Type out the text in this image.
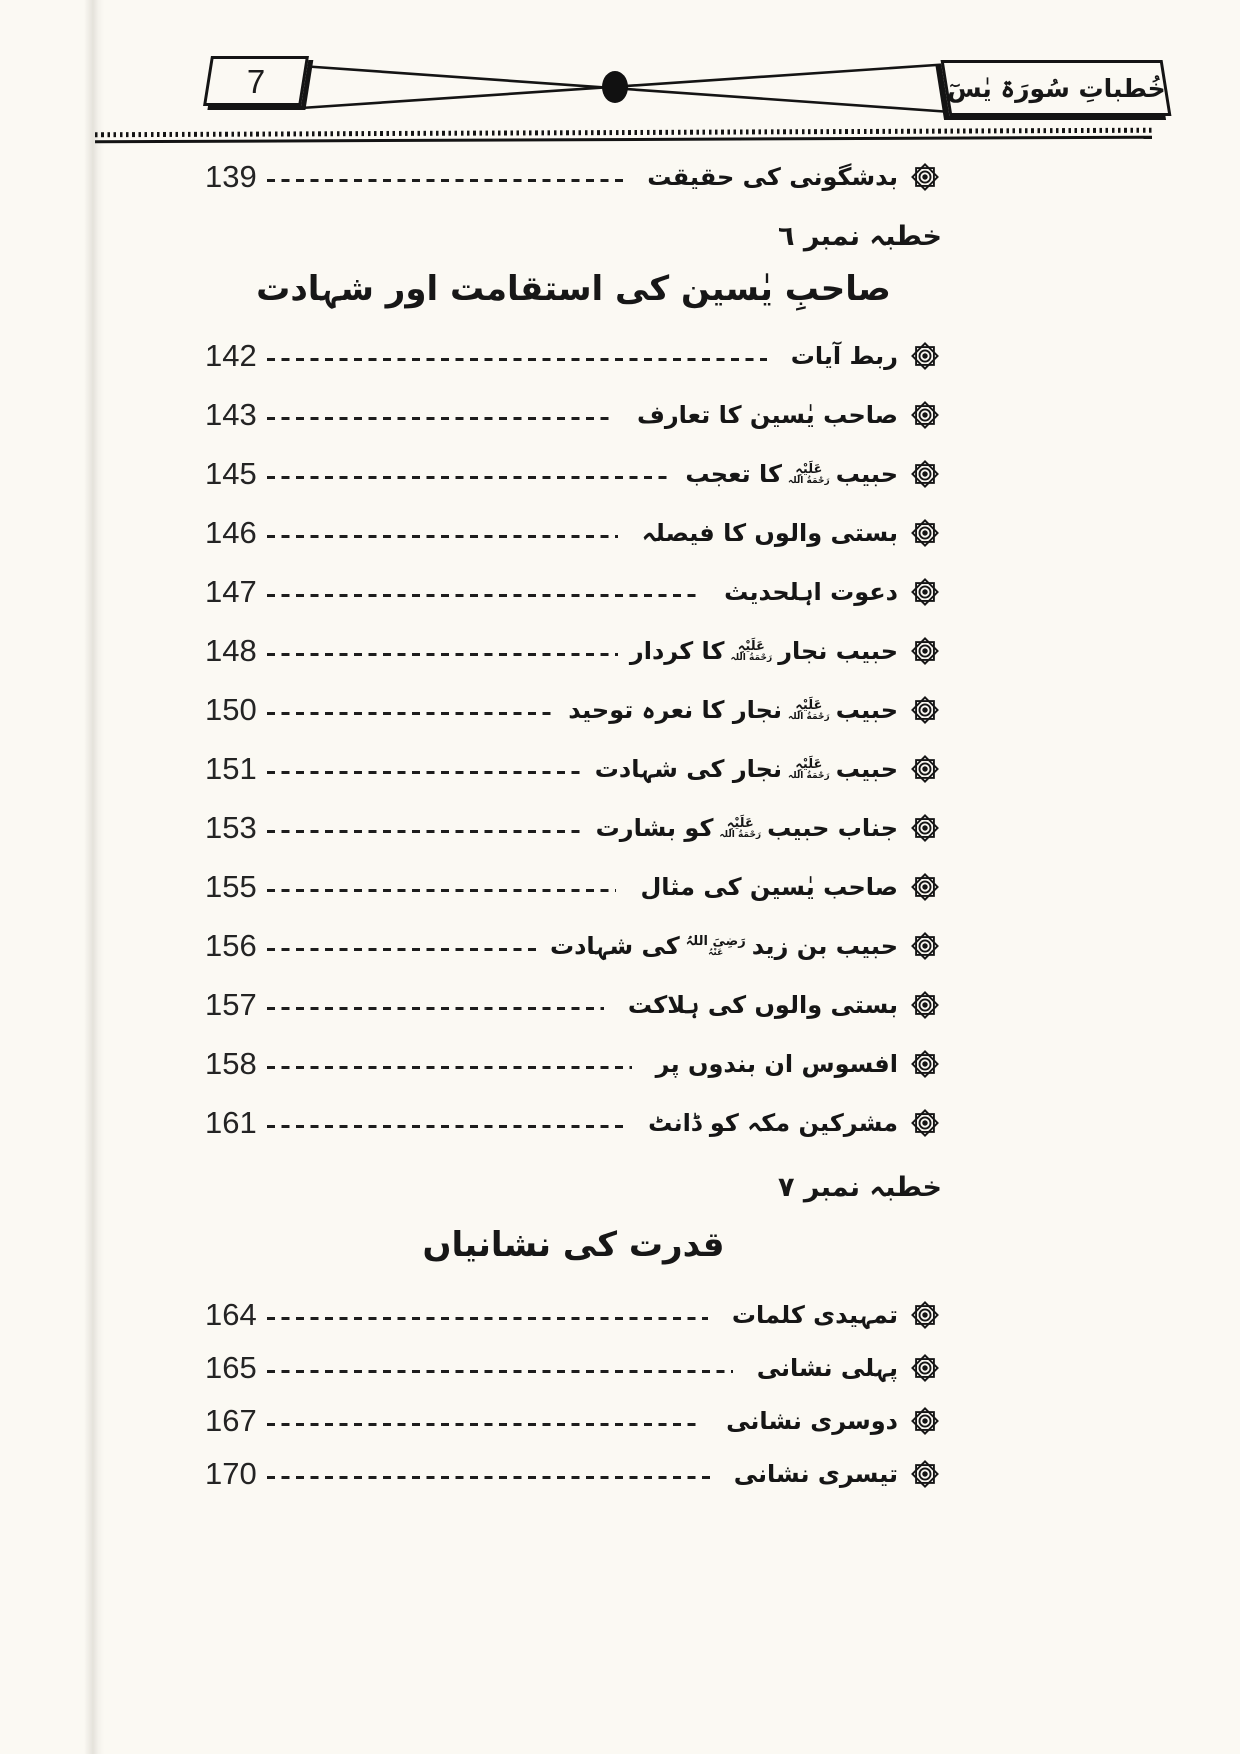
7	خُطباتِ سُورَۃ یٰسٓ
بدشگونی کی حقیقت
139
خطبہ نمبر ٦
صاحبِ یٰسین کی استقامت اور شہادت
ربط آیات
142
صاحب یٰسین کا تعارف
143
حبیب
عَلَيْہِ
رَحْمَةُ اللہ
‏کا تعجب
145
بستی والوں کا فیصلہ
146
دعوت اہلحدیث
147
حبیب نجار
عَلَيْہِ
رَحْمَةُ اللہ
‏کا کردار
148
حبیب
عَلَيْہِ
رَحْمَةُ اللہ
‏نجار کا نعرہ توحید
150
حبیب
عَلَيْہِ
رَحْمَةُ اللہ
‏نجار کی شہادت
151
جناب حبیب
عَلَيْہِ
رَحْمَةُ اللہ
‏کو بشارت
153
صاحب یٰسین کی مثال
155
حبیب بن زید
رَضِیَ اللہُ
عَنْہُ
‏کی شہادت
156
بستی والوں کی ہلاکت
157
افسوس ان بندوں پر
158
مشرکین مکہ کو ڈانٹ
161
خطبہ نمبر ٧
قدرت کی نشانیاں
تمہیدی کلمات
164
پہلی نشانی
165
دوسری نشانی
167
تیسری نشانی
170
